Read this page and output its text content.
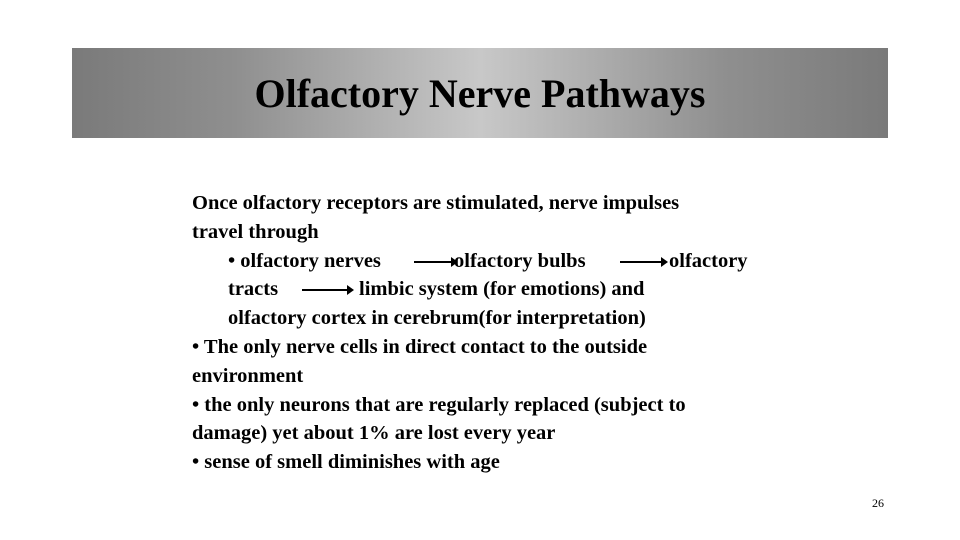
Olfactory Nerve Pathways
Once olfactory receptors are stimulated, nerve impulses
travel through
• olfactory nerves	olfactory bulbs	olfactory
tracts	limbic system (for emotions) and
olfactory cortex in cerebrum(for interpretation)
• The only nerve cells in direct contact to the outside
environment
• the only neurons that are regularly replaced (subject to
damage) yet about 1% are lost every year
• sense of smell diminishes with age
26
